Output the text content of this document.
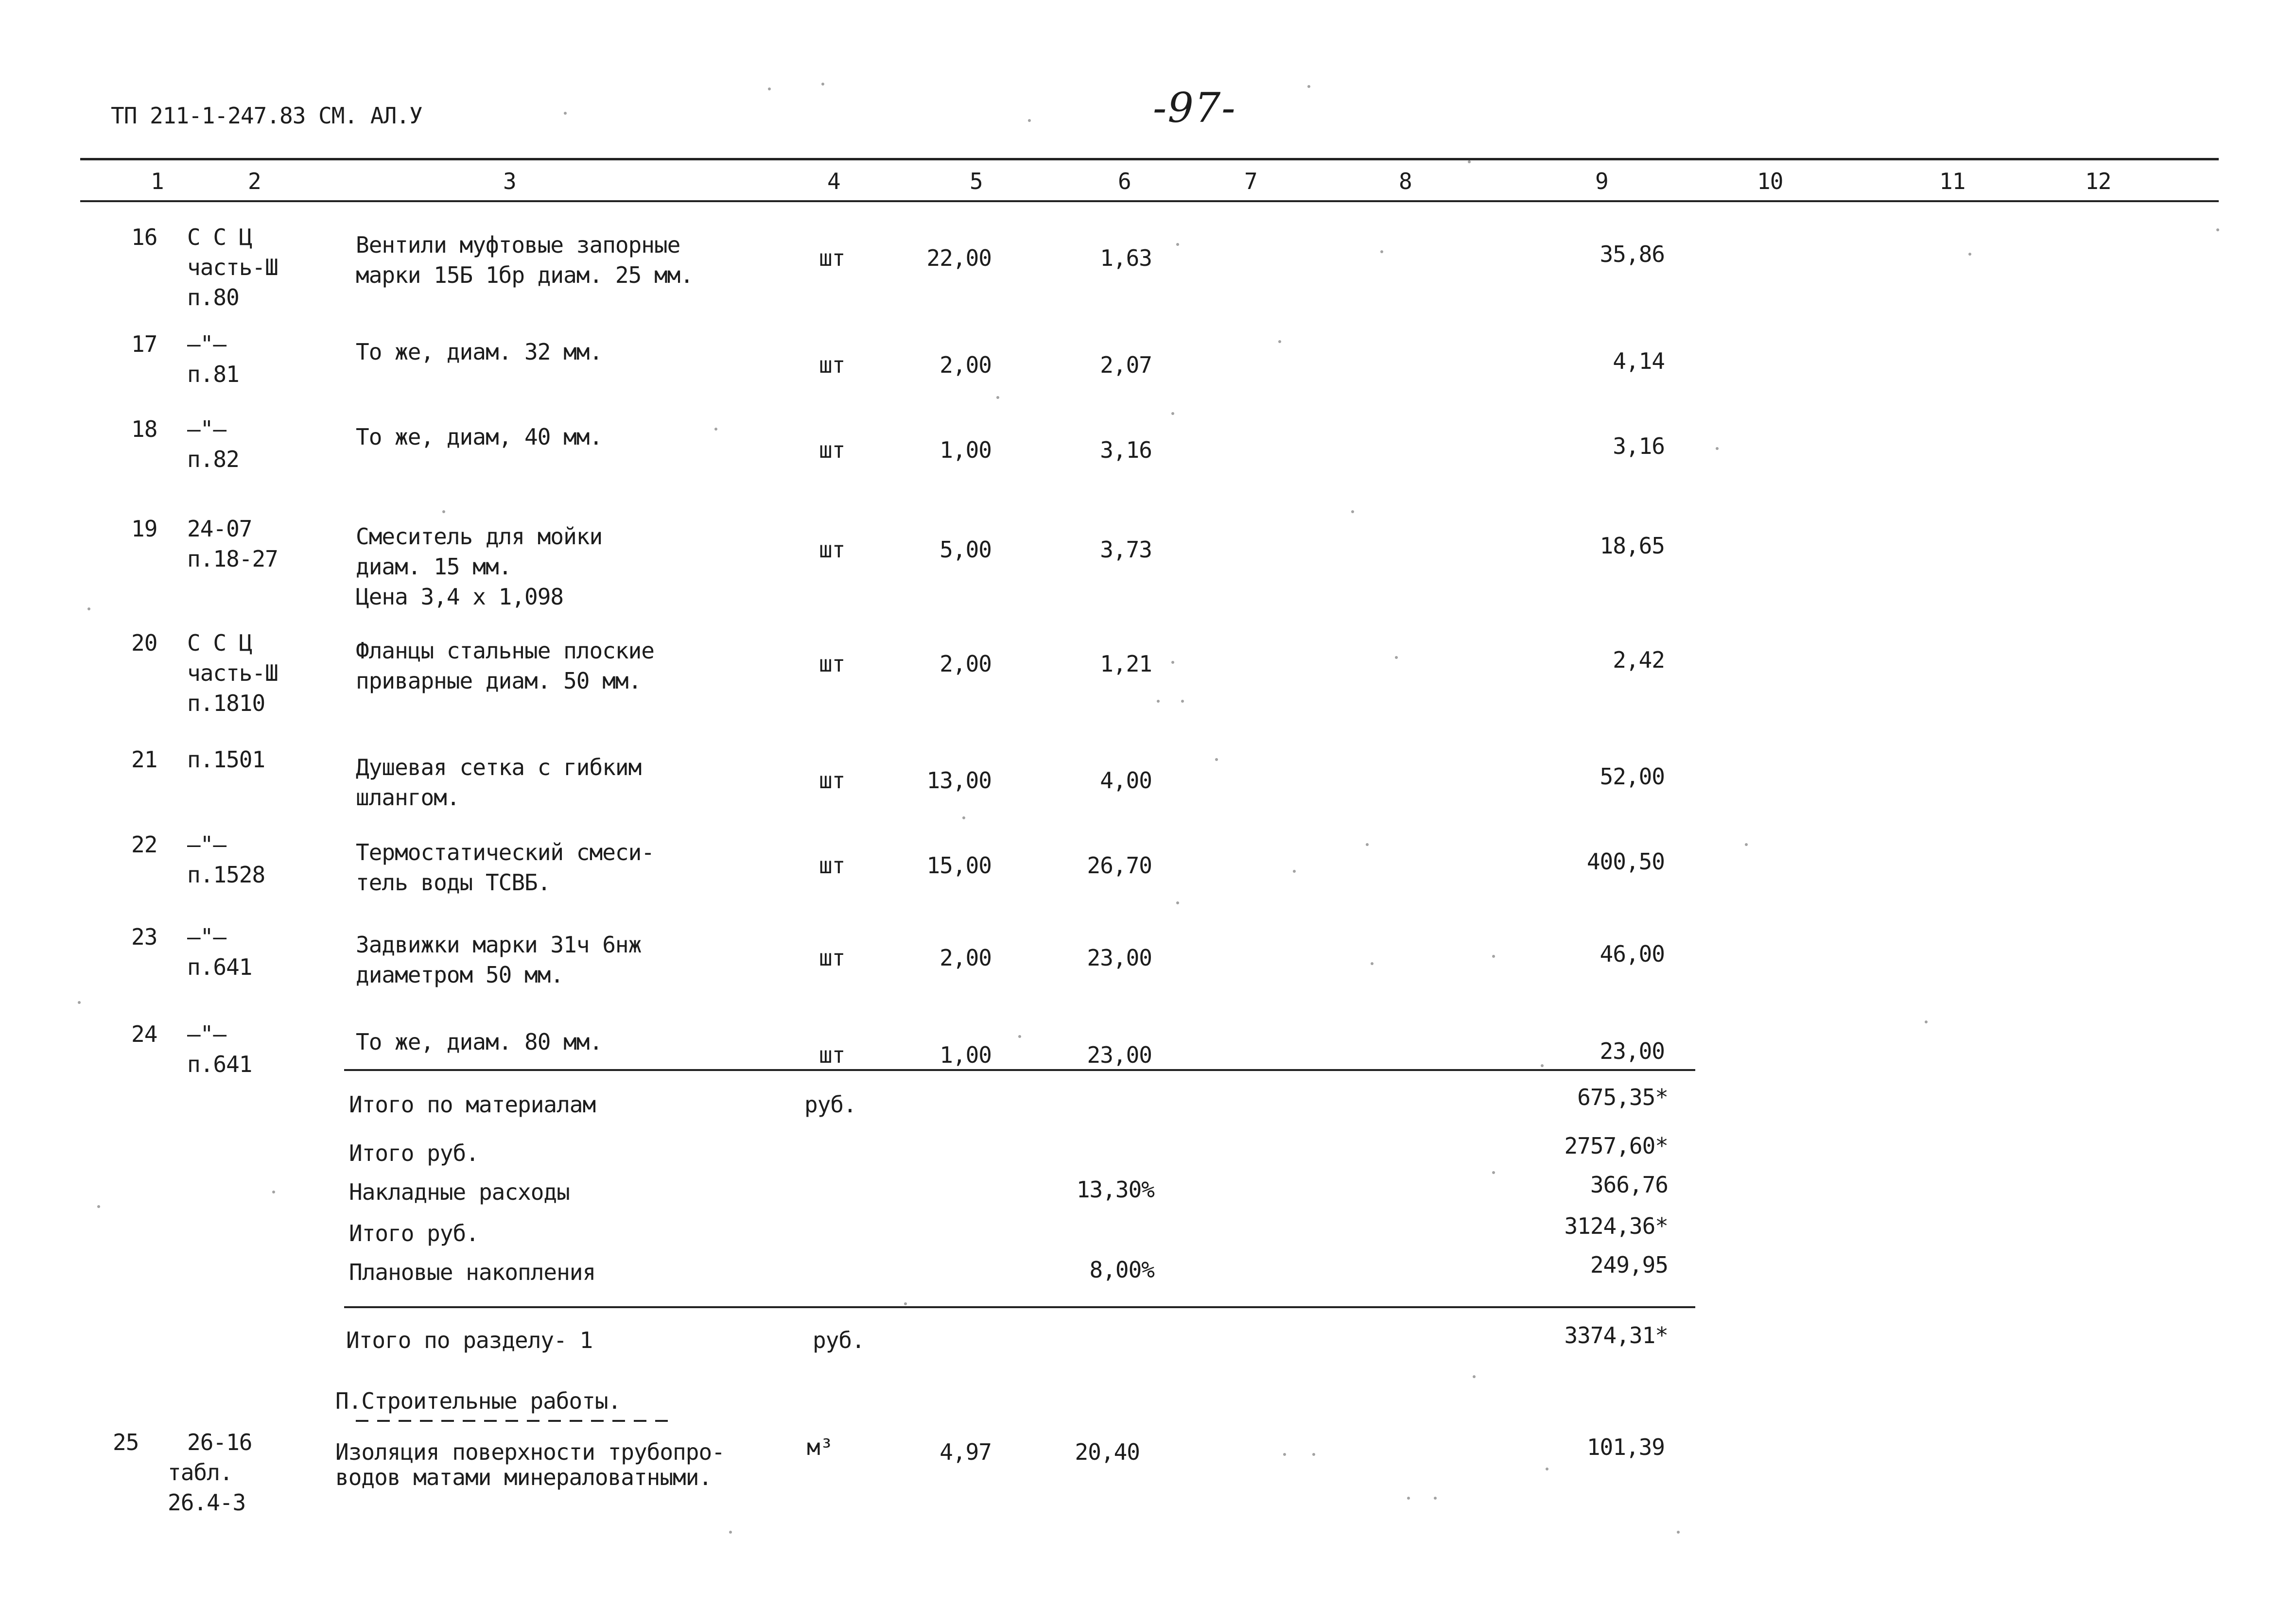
ТП 211-1-247.83 СМ. АЛ.У	-97-
1	2	3	4	5	6	7	8	9	10	11	12
16 С С Ц
часть-Ш
п.80
Вентили муфтовые запорные
марки 15Б 1бр диам. 25 мм.
шт	22,00	1,63	35,86
17 —"—
п.81
То же, диам. 32 мм.	шт	2,00	2,07	4,14
18 —"—
п.82
То же, диам, 40 мм.	шт	1,00	3,16	3,16
19 24-07
п.18-27
Смеситель для мойки
диам. 15 мм.
Цена 3,4 х 1,098
шт	5,00	3,73	18,65
20 С С Ц
часть-Ш
п.1810
Фланцы стальные плоские
приварные диам. 50 мм.
шт	2,00	1,21	2,42
21 п.1501	Душевая сетка с гибким
шлангом.
шт	13,00	4,00	52,00
22 —"—
п.1528
Термостатический смеси-
тель воды ТСВБ.
шт	15,00	26,70	400,50
23 —"—
п.641
Задвижки марки 31ч 6нж
диаметром 50 мм.
шт	2,00	23,00	46,00
24 —"—
п.641
То же, диам. 80 мм.	шт	1,00	23,00	23,00
Итого по материалам	руб.	675,35*
Итого руб.	2757,60*
Накладные расходы	13,30%	366,76
Итого руб.	3124,36*
Плановые накопления	8,00%	249,95
Итого по разделу- 1	руб.	3374,31*
П.Строительные работы.
25 26-16
табл.
26.4-3
Изоляция поверхности трубопро-
водов матами минераловатными.
м³	4,97	20,40	101,39
